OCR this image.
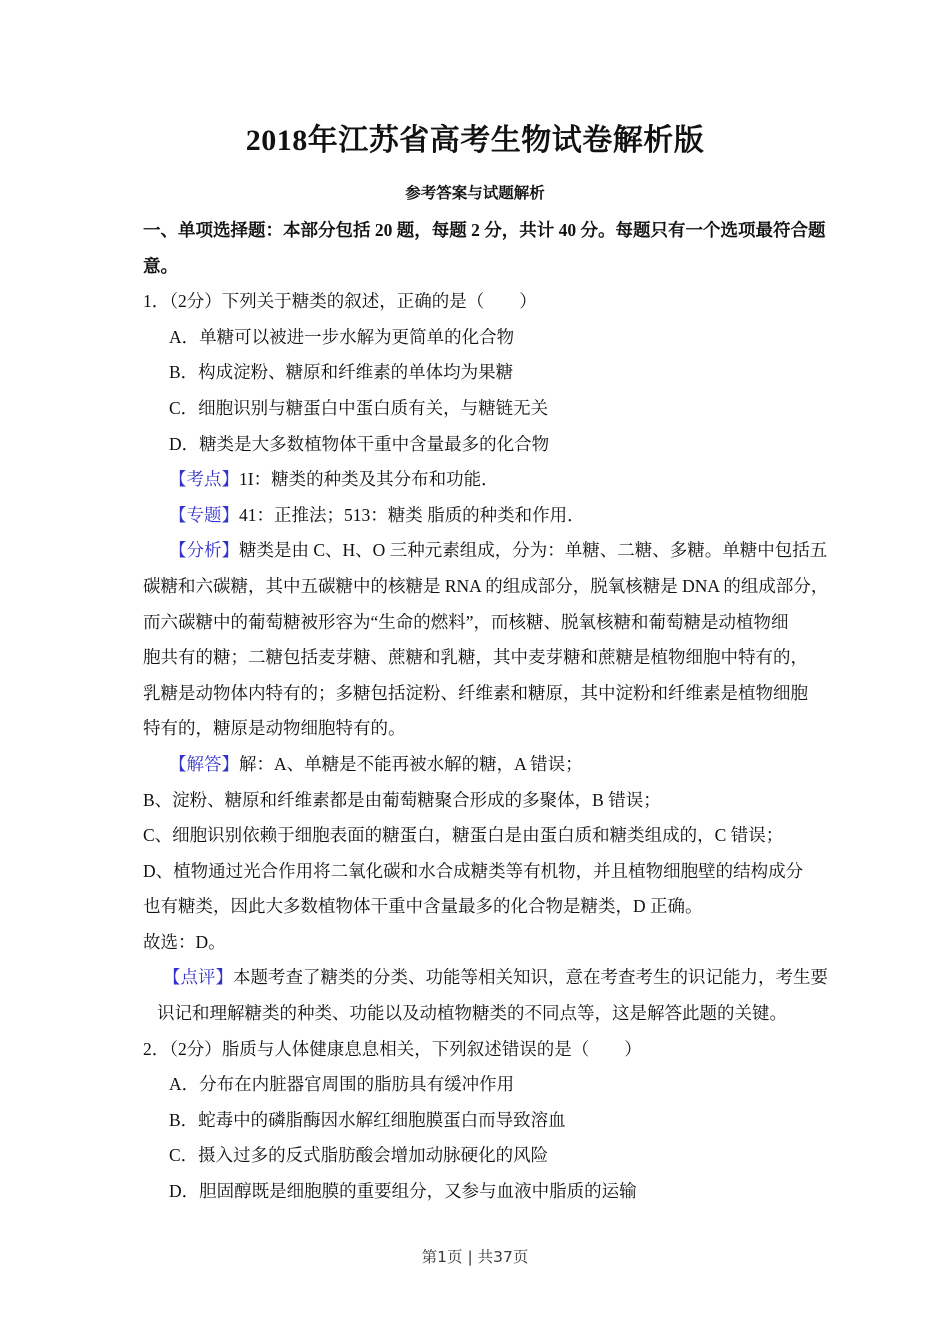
2018年江苏省高考生物试卷解析版
参考答案与试题解析
一、单项选择题：本部分包括 20 题，每题 2 分，共计 40 分。每题只有一个选项最符合题
意。
1．（2分）下列关于糖类的叙述，正确的是（　　）
A．单糖可以被进一步水解为更简单的化合物
B．构成淀粉、糖原和纤维素的单体均为果糖
C．细胞识别与糖蛋白中蛋白质有关，与糖链无关
D．糖类是大多数植物体干重中含量最多的化合物
【考点】1I：糖类的种类及其分布和功能．
【专题】41：正推法；513：糖类 脂质的种类和作用．
【分析】糖类是由 C、H、O 三种元素组成，分为：单糖、二糖、多糖。单糖中包括五
碳糖和六碳糖，其中五碳糖中的核糖是 RNA 的组成部分，脱氧核糖是 DNA 的组成部分，
而六碳糖中的葡萄糖被形容为“生命的燃料”，而核糖、脱氧核糖和葡萄糖是动植物细
胞共有的糖；二糖包括麦芽糖、蔗糖和乳糖，其中麦芽糖和蔗糖是植物细胞中特有的，
乳糖是动物体内特有的；多糖包括淀粉、纤维素和糖原，其中淀粉和纤维素是植物细胞
特有的，糖原是动物细胞特有的。
【解答】解：A、单糖是不能再被水解的糖，A 错误；
B、淀粉、糖原和纤维素都是由葡萄糖聚合形成的多聚体，B 错误；
C、细胞识别依赖于细胞表面的糖蛋白，糖蛋白是由蛋白质和糖类组成的，C 错误；
D、植物通过光合作用将二氧化碳和水合成糖类等有机物，并且植物细胞壁的结构成分
也有糖类，因此大多数植物体干重中含量最多的化合物是糖类，D 正确。
故选：D。
【点评】本题考查了糖类的分类、功能等相关知识，意在考查考生的识记能力，考生要
识记和理解糖类的种类、功能以及动植物糖类的不同点等，这是解答此题的关键。
2．（2分）脂质与人体健康息息相关，下列叙述错误的是（　　）
A．分布在内脏器官周围的脂肪具有缓冲作用
B．蛇毒中的磷脂酶因水解红细胞膜蛋白而导致溶血
C．摄入过多的反式脂肪酸会增加动脉硬化的风险
D．胆固醇既是细胞膜的重要组分，又参与血液中脂质的运输
第1页 | 共37页
